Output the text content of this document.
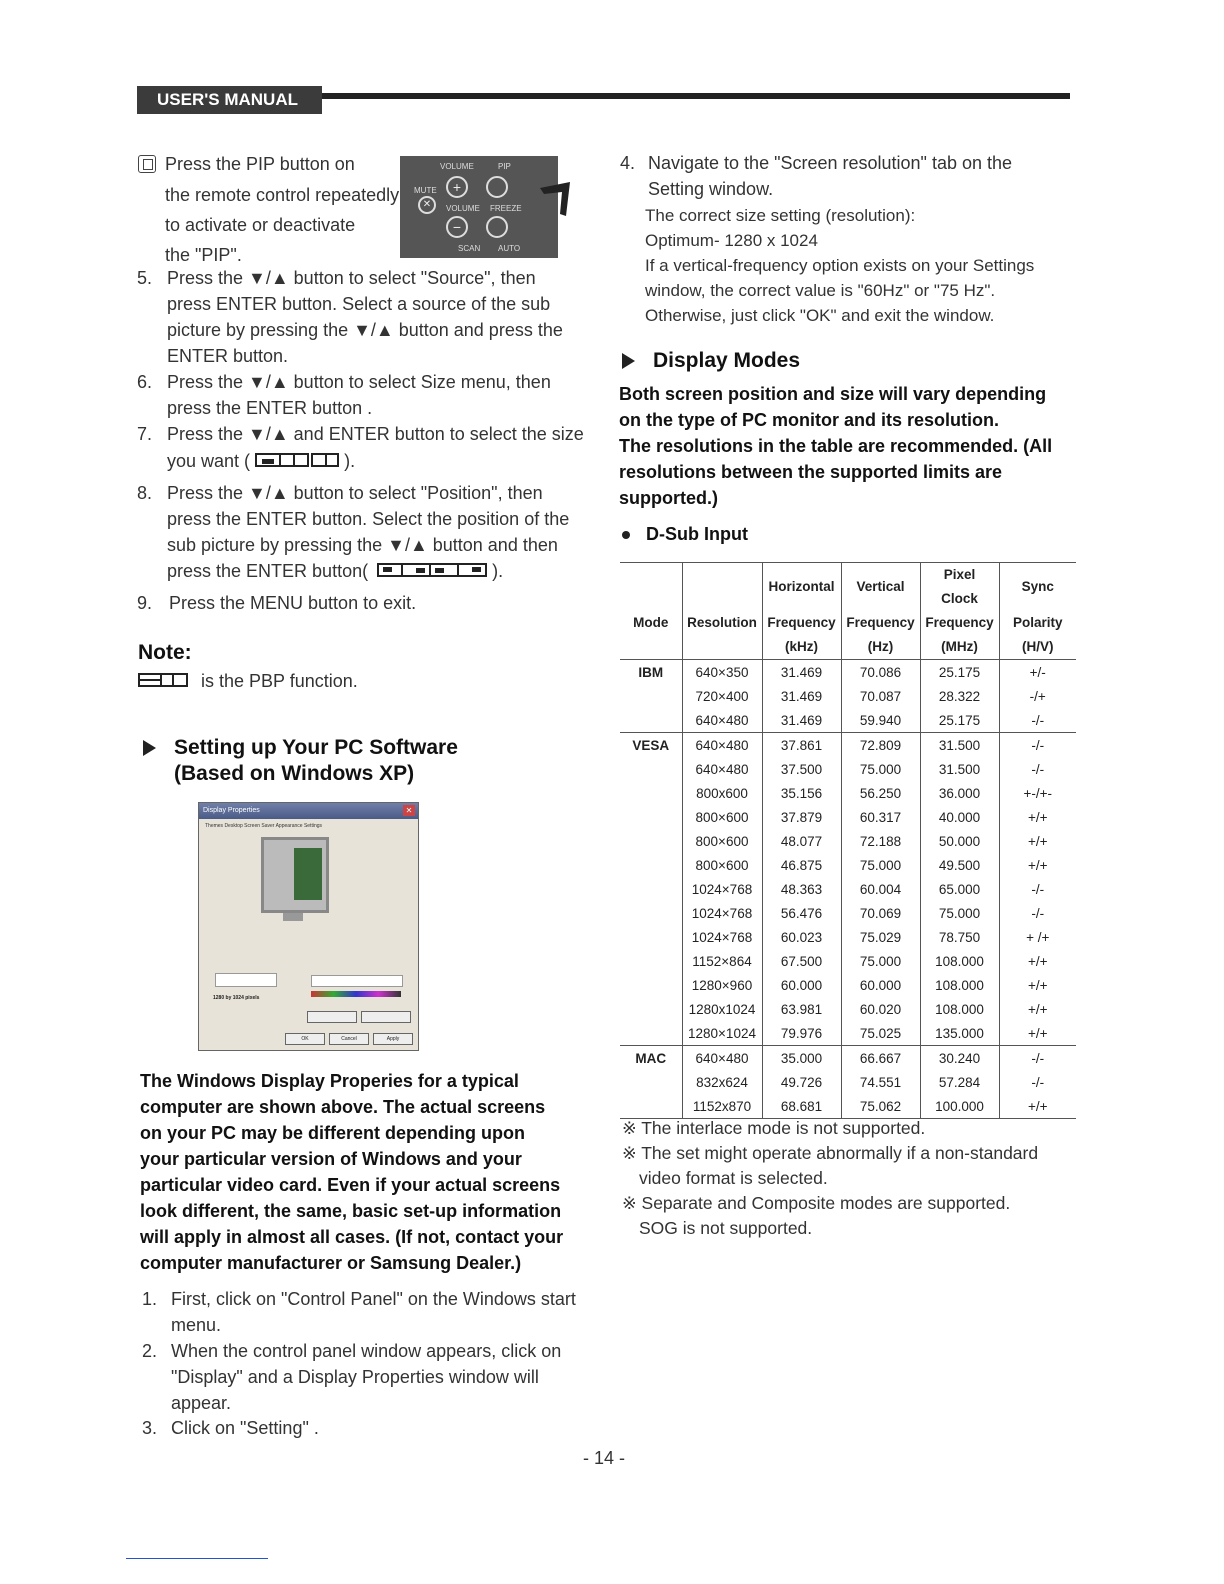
USER'S MANUAL
Press the PIP button on
the remote control repeatedly
to activate or deactivate
the "PIP".
VOLUME	PIP
MUTE	+
✕	VOLUME FREEZE
−
SCAN AUTO
5. Press the ▼/▲ button to select "Source", then
press ENTER button. Select a source of the sub
picture by pressing the ▼/▲ button and press the
ENTER button.
6. Press the ▼/▲ button to select Size menu, then
press the ENTER button .
7. Press the ▼/▲ and ENTER button to select the size
you want (	).
8. Press the ▼/▲ button to select "Position", then
press the ENTER button. Select the position of the
sub picture by pressing the ▼/▲ button and then
press the ENTER button(	).
9. Press the MENU button to exit.
Note:
is the PBP function.
Setting up Your PC Software
(Based on Windows XP)
Display Properties	✕
Themes Desktop Screen Saver Appearance Settings
1280 by 1024 pixels
OK	Cancel	Apply
The Windows Display Properies for a typical
computer are shown above. The actual screens
on your PC may be different depending upon
your particular version of Windows and your
particular video card. Even if your actual screens
look different, the same, basic set-up information
will apply in almost all cases. (If not, contact your
computer manufacturer or Samsung Dealer.)
1. First, click on "Control Panel" on the Windows start
menu.
2. When the control panel window appears, click on
"Display" and a Display Properties window will
appear.
3. Click on "Setting" .
4. Navigate to the "Screen resolution" tab on the
Setting window.
The correct size setting (resolution):
Optimum- 1280 x 1024
If a vertical-frequency option exists on your Settings
window, the correct value is "60Hz" or "75 Hz".
Otherwise, just click "OK" and exit the window.
Display Modes
Both screen position and size will vary depending
on the type of PC monitor and its resolution.
The resolutions in the table are recommended. (All
resolutions between the supported limits are
supported.)
D-Sub Input
		Horizontal	Vertical	Pixel Clock	Sync
Mode	Resolution	Frequency	Frequency	Frequency	Polarity
		(kHz)	(Hz)	(MHz)	(H/V)
IBM	640×350	31.469	70.086	25.175	+/-
	720×400	31.469	70.087	28.322	-/+
	640×480	31.469	59.940	25.175	-/-
VESA	640×480	37.861	72.809	31.500	-/-
	640×480	37.500	75.000	31.500	-/-
	800x600	35.156	56.250	36.000	+-/+-
	800×600	37.879	60.317	40.000	+/+
	800×600	48.077	72.188	50.000	+/+
	800×600	46.875	75.000	49.500	+/+
	1024×768	48.363	60.004	65.000	-/-
	1024×768	56.476	70.069	75.000	-/-
	1024×768	60.023	75.029	78.750	+ /+
	1152×864	67.500	75.000	108.000	+/+
	1280×960	60.000	60.000	108.000	+/+
	1280x1024	63.981	60.020	108.000	+/+
	1280×1024	79.976	75.025	135.000	+/+
MAC	640×480	35.000	66.667	30.240	-/-
	832x624	49.726	74.551	57.284	-/-
	1152x870	68.681	75.062	100.000	+/+
※ The interlace mode is not supported.
※ The set might operate abnormally if a non-standard
video format is selected.
※ Separate and Composite modes are supported.
SOG is not supported.
- 14 -
